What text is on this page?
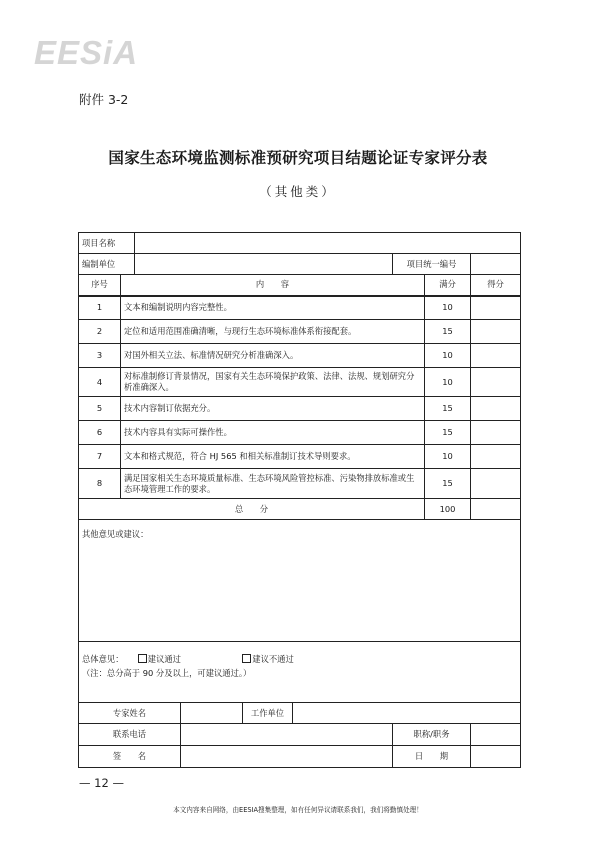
EESiA
附件 3-2
国家生态环境监测标准预研究项目结题论证专家评分表
（其他类）
项目名称								
编制单位						项目统一编号		
序号	内　　容						满分	得分
1	文本和编制说明内容完整性。						10	
2	定位和适用范围准确清晰，与现行生态环境标准体系衔接配套。						15	
3	对国外相关立法、标准情况研究分析准确深入。						10	
4	对标准制修订背景情况，国家有关生态环境保护政策、法律、法规、规划研究分析准确深入。						10	
5	技术内容制订依据充分。						15	
6	技术内容具有实际可操作性。						15	
7	文本和格式规范，符合 HJ 565 和相关标准制订技术导则要求。						10	
8	满足国家相关生态环境质量标准、生态环境风险管控标准、污染物排放标准或生态环境管理工作的要求。						15	
总　　分							100	
其他意见或建议：								
总体意见： 建议通过 建议不通过
（注：总分高于 90 分及以上，可建议通过。）								
专家姓名				工作单位				
联系电话						职称/职务		
签　　名						日　　期		
— 12 —
本文内容来自网络，由EESIA搜集整理，如有任何异议请联系我们，我们将勤慎处理！
